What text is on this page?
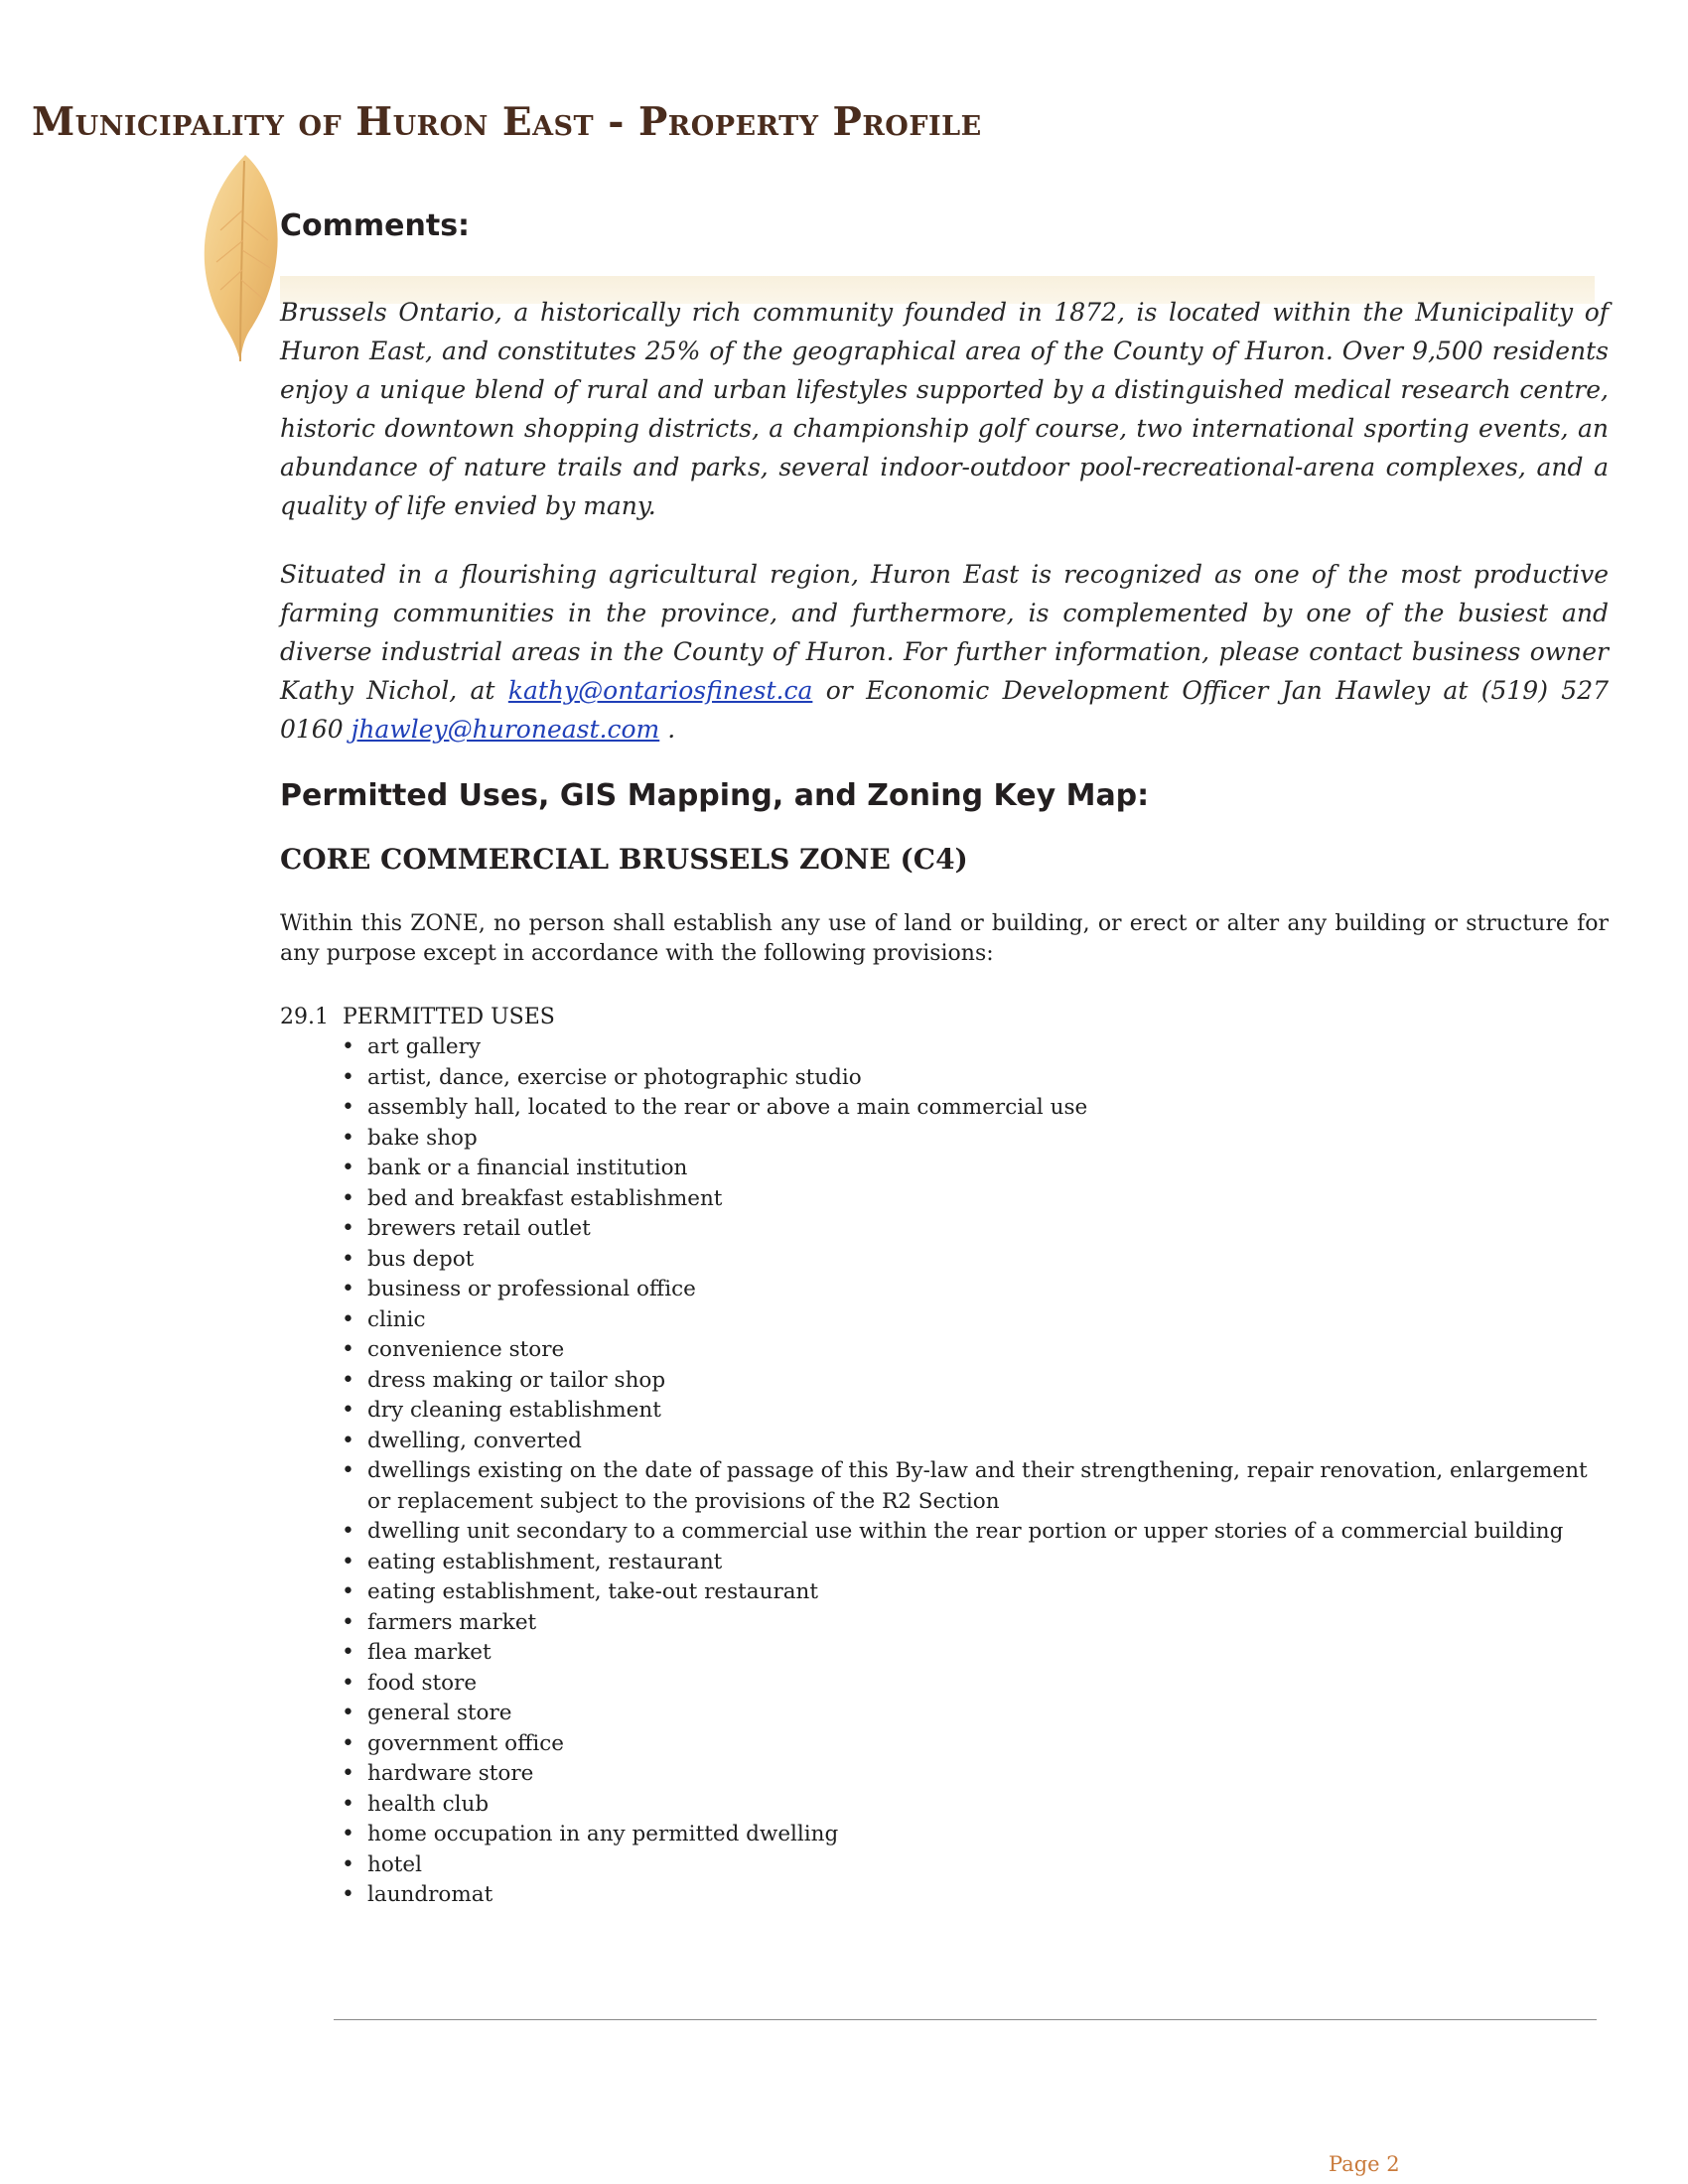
Municipality of Huron East - Property Profile
Comments:

Brussels Ontario, a historically rich community founded in 1872, is located within the Municipality of Huron East, and constitutes 25% of the geographical area of the County of Huron. Over 9,500 residents enjoy a unique blend of rural and urban lifestyles supported by a distinguished medical research centre, historic downtown shopping districts, a championship golf course, two international sporting events, an abundance of nature trails and parks, several indoor-outdoor pool-recreational-arena complexes, and a quality of life envied by many.

Situated in a flourishing agricultural region, Huron East is recognized as one of the most productive farming communities in the province, and furthermore, is complemented by one of the busiest and diverse industrial areas in the County of Huron. For further information, please contact business owner Kathy Nichol, at kathy@ontariosfinest.ca or Economic Development Officer Jan Hawley at (519) 527 0160 jhawley@huroneast.com .

Permitted Uses, GIS Mapping, and Zoning Key Map:
CORE COMMERCIAL BRUSSELS ZONE (C4)

Within this ZONE, no person shall establish any use of land or building, or erect or alter any building or structure for any purpose except in accordance with the following provisions:

29.1 PERMITTED USES

• art gallery
• artist, dance, exercise or photographic studio
• assembly hall, located to the rear or above a main commercial use
• bake shop
• bank or a financial institution
• bed and breakfast establishment
• brewers retail outlet
• bus depot
• business or professional office
• clinic
• convenience store
• dress making or tailor shop
• dry cleaning establishment
• dwelling, converted
• dwellings existing on the date of passage of this By-law and their strengthening, repair renovation, enlargement or replacement subject to the provisions of the R2 Section
• dwelling unit secondary to a commercial use within the rear portion or upper stories of a commercial building
• eating establishment, restaurant
• eating establishment, take-out restaurant
• farmers market
• flea market
• food store
• general store
• government office
• hardware store
• health club
• home occupation in any permitted dwelling
• hotel
• laundromat
Page 2
